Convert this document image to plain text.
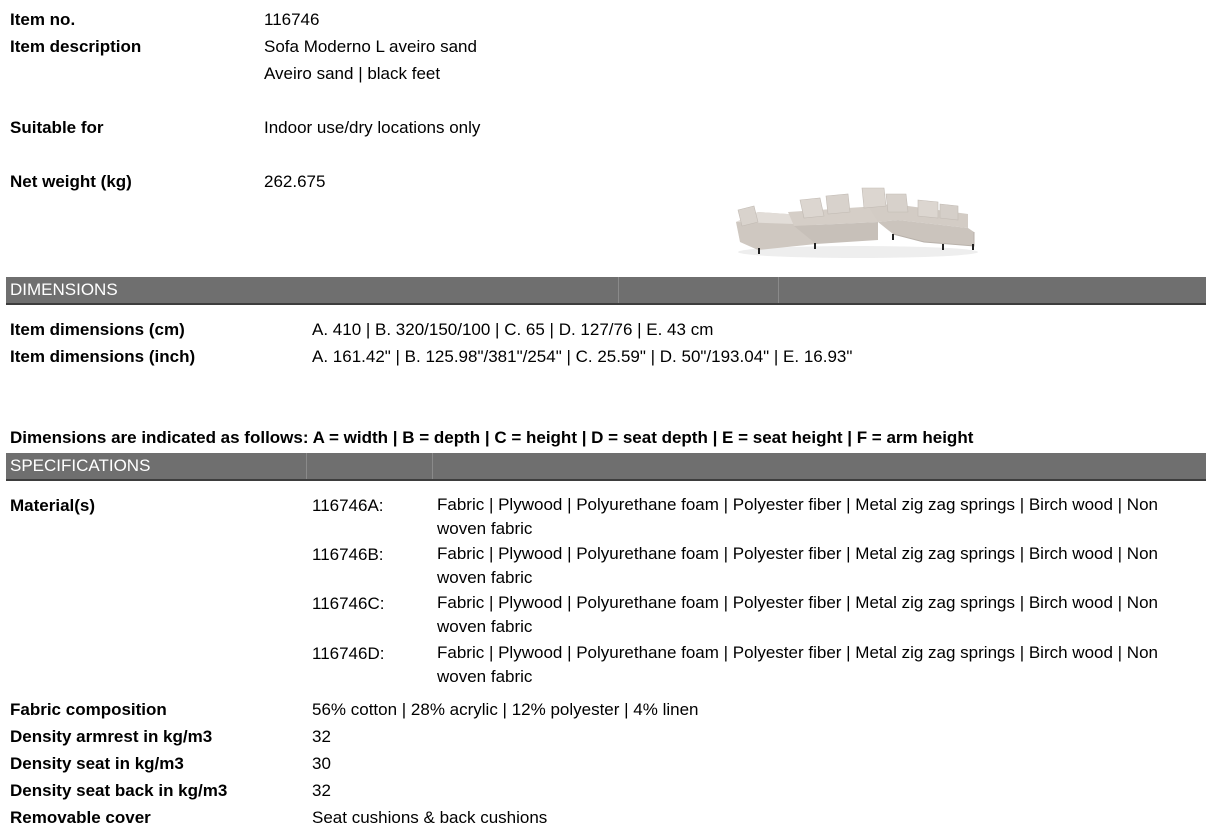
Item no.	116746
Item description	Sofa Moderno L aveiro sand
Aveiro sand | black feet
Suitable for	Indoor use/dry locations only
Net weight (kg)	262.675
DIMENSIONS
Item dimensions (cm)	A. 410 | B. 320/150/100 | C. 65 | D. 127/76 | E. 43 cm
Item dimensions (inch)	A. 161.42" | B. 125.98"/381"/254" | C. 25.59" | D. 50"/193.04" | E. 16.93"
Dimensions are indicated as follows: A = width | B = depth | C = height | D = seat depth | E = seat height | F = arm height
SPECIFICATIONS
Material(s)	116746A:	Fabric | Plywood | Polyurethane foam | Polyester fiber | Metal zig zag springs | Birch wood | Non woven fabric
116746B:	Fabric | Plywood | Polyurethane foam | Polyester fiber | Metal zig zag springs | Birch wood | Non woven fabric
116746C:	Fabric | Plywood | Polyurethane foam | Polyester fiber | Metal zig zag springs | Birch wood | Non woven fabric
116746D:	Fabric | Plywood | Polyurethane foam | Polyester fiber | Metal zig zag springs | Birch wood | Non woven fabric
Fabric composition	56% cotton | 28% acrylic | 12% polyester | 4% linen
Density armrest in kg/m3	32
Density seat in kg/m3	30
Density seat back in kg/m3	32
Removable cover	Seat cushions & back cushions
